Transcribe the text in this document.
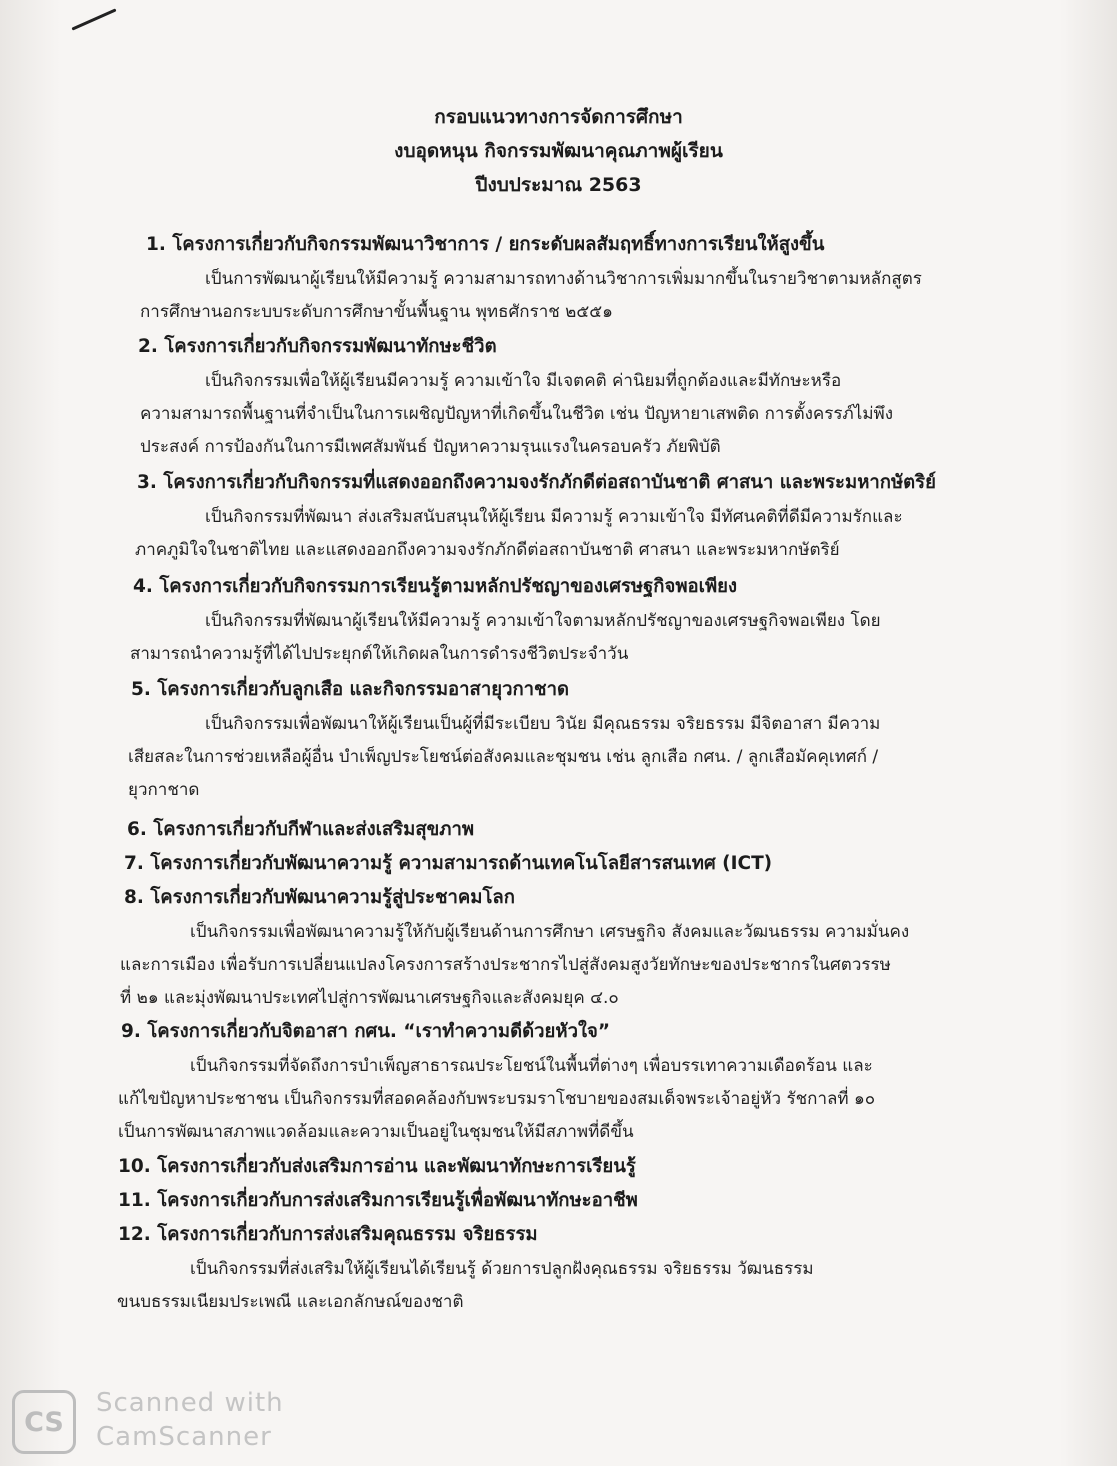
กรอบแนวทางการจัดการศึกษา
งบอุดหนุน กิจกรรมพัฒนาคุณภาพผู้เรียน
ปีงบประมาณ 2563
1. โครงการเกี่ยวกับกิจกรรมพัฒนาวิชาการ / ยกระดับผลสัมฤทธิ์ทางการเรียนให้สูงขึ้น
เป็นการพัฒนาผู้เรียนให้มีความรู้ ความสามารถทางด้านวิชาการเพิ่มมากขึ้นในรายวิชาตามหลักสูตร
การศึกษานอกระบบระดับการศึกษาขั้นพื้นฐาน พุทธศักราช ๒๕๕๑
2. โครงการเกี่ยวกับกิจกรรมพัฒนาทักษะชีวิต
เป็นกิจกรรมเพื่อให้ผู้เรียนมีความรู้ ความเข้าใจ มีเจตคติ ค่านิยมที่ถูกต้องและมีทักษะหรือ
ความสามารถพื้นฐานที่จำเป็นในการเผชิญปัญหาที่เกิดขึ้นในชีวิต เช่น ปัญหายาเสพติด การตั้งครรภ์ไม่พึง
ประสงค์ การป้องกันในการมีเพศสัมพันธ์ ปัญหาความรุนแรงในครอบครัว ภัยพิบัติ
3. โครงการเกี่ยวกับกิจกรรมที่แสดงออกถึงความจงรักภักดีต่อสถาบันชาติ ศาสนา และพระมหากษัตริย์
เป็นกิจกรรมที่พัฒนา ส่งเสริมสนับสนุนให้ผู้เรียน มีความรู้ ความเข้าใจ มีทัศนคติที่ดีมีความรักและ
ภาคภูมิใจในชาติไทย และแสดงออกถึงความจงรักภักดีต่อสถาบันชาติ ศาสนา และพระมหากษัตริย์
4. โครงการเกี่ยวกับกิจกรรมการเรียนรู้ตามหลักปรัชญาของเศรษฐกิจพอเพียง
เป็นกิจกรรมที่พัฒนาผู้เรียนให้มีความรู้ ความเข้าใจตามหลักปรัชญาของเศรษฐกิจพอเพียง โดย
สามารถนำความรู้ที่ได้ไปประยุกต์ให้เกิดผลในการดำรงชีวิตประจำวัน
5. โครงการเกี่ยวกับลูกเสือ และกิจกรรมอาสายุวกาชาด
เป็นกิจกรรมเพื่อพัฒนาให้ผู้เรียนเป็นผู้ที่มีระเบียบ วินัย มีคุณธรรม จริยธรรม มีจิตอาสา มีความ
เสียสละในการช่วยเหลือผู้อื่น บำเพ็ญประโยชน์ต่อสังคมและชุมชน เช่น ลูกเสือ กศน. / ลูกเสือมัคคุเทศก์ /
ยุวกาชาด
6. โครงการเกี่ยวกับกีฬาและส่งเสริมสุขภาพ
7. โครงการเกี่ยวกับพัฒนาความรู้ ความสามารถด้านเทคโนโลยีสารสนเทศ (ICT)
8. โครงการเกี่ยวกับพัฒนาความรู้สู่ประชาคมโลก
เป็นกิจกรรมเพื่อพัฒนาความรู้ให้กับผู้เรียนด้านการศึกษา เศรษฐกิจ สังคมและวัฒนธรรม ความมั่นคง
และการเมือง เพื่อรับการเปลี่ยนแปลงโครงการสร้างประชากรไปสู่สังคมสูงวัยทักษะของประชากรในศตวรรษ
ที่ ๒๑ และมุ่งพัฒนาประเทศไปสู่การพัฒนาเศรษฐกิจและสังคมยุค ๔.๐
9. โครงการเกี่ยวกับจิตอาสา กศน. “เราทำความดีด้วยหัวใจ”
เป็นกิจกรรมที่จัดถึงการบำเพ็ญสาธารณประโยชน์ในพื้นที่ต่างๆ เพื่อบรรเทาความเดือดร้อน และ
แก้ไขปัญหาประชาชน เป็นกิจกรรมที่สอดคล้องกับพระบรมราโชบายของสมเด็จพระเจ้าอยู่หัว รัชกาลที่ ๑๐
เป็นการพัฒนาสภาพแวดล้อมและความเป็นอยู่ในชุมชนให้มีสภาพที่ดีขึ้น
10. โครงการเกี่ยวกับส่งเสริมการอ่าน และพัฒนาทักษะการเรียนรู้
11. โครงการเกี่ยวกับการส่งเสริมการเรียนรู้เพื่อพัฒนาทักษะอาชีพ
12. โครงการเกี่ยวกับการส่งเสริมคุณธรรม จริยธรรม
เป็นกิจกรรมที่ส่งเสริมให้ผู้เรียนได้เรียนรู้ ด้วยการปลูกฝังคุณธรรม จริยธรรม วัฒนธรรม
ขนบธรรมเนียมประเพณี และเอกลักษณ์ของชาติ
CS
Scanned with
CamScanner
